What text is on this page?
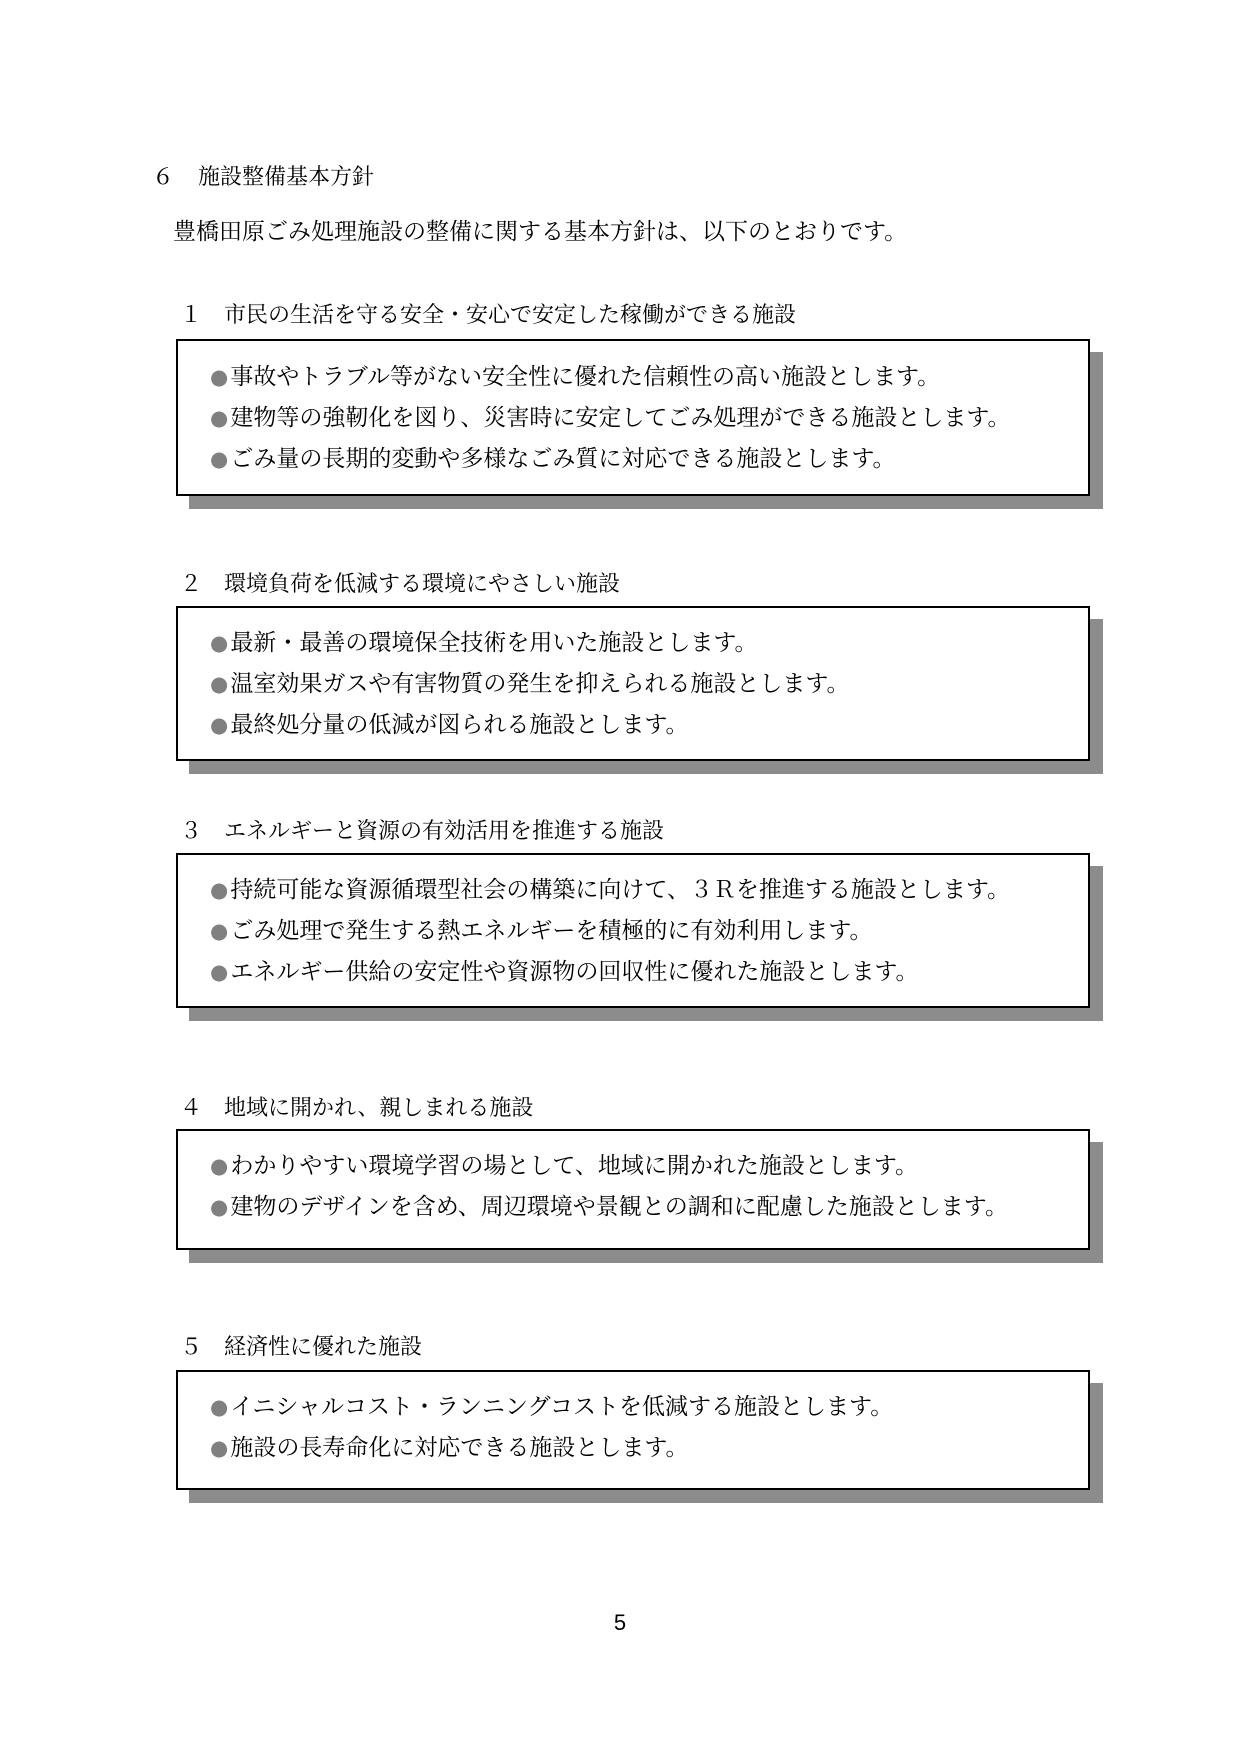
６ 施設整備基本方針
豊橋田原ごみ処理施設の整備に関する基本方針は、以下のとおりです。
１ 市民の生活を守る安全・安心で安定した稼働ができる施設
●事故やトラブル等がない安全性に優れた信頼性の高い施設とします。
●建物等の強靭化を図り、災害時に安定してごみ処理ができる施設とします。
●ごみ量の長期的変動や多様なごみ質に対応できる施設とします。
２ 環境負荷を低減する環境にやさしい施設
●最新・最善の環境保全技術を用いた施設とします。
●温室効果ガスや有害物質の発生を抑えられる施設とします。
●最終処分量の低減が図られる施設とします。
３ エネルギーと資源の有効活用を推進する施設
●持続可能な資源循環型社会の構築に向けて、３Ｒを推進する施設とします。
●ごみ処理で発生する熱エネルギーを積極的に有効利用します。
●エネルギー供給の安定性や資源物の回収性に優れた施設とします。
４ 地域に開かれ、親しまれる施設
●わかりやすい環境学習の場として、地域に開かれた施設とします。
●建物のデザインを含め、周辺環境や景観との調和に配慮した施設とします。
５ 経済性に優れた施設
●イニシャルコスト・ランニングコストを低減する施設とします。
●施設の長寿命化に対応できる施設とします。
5
